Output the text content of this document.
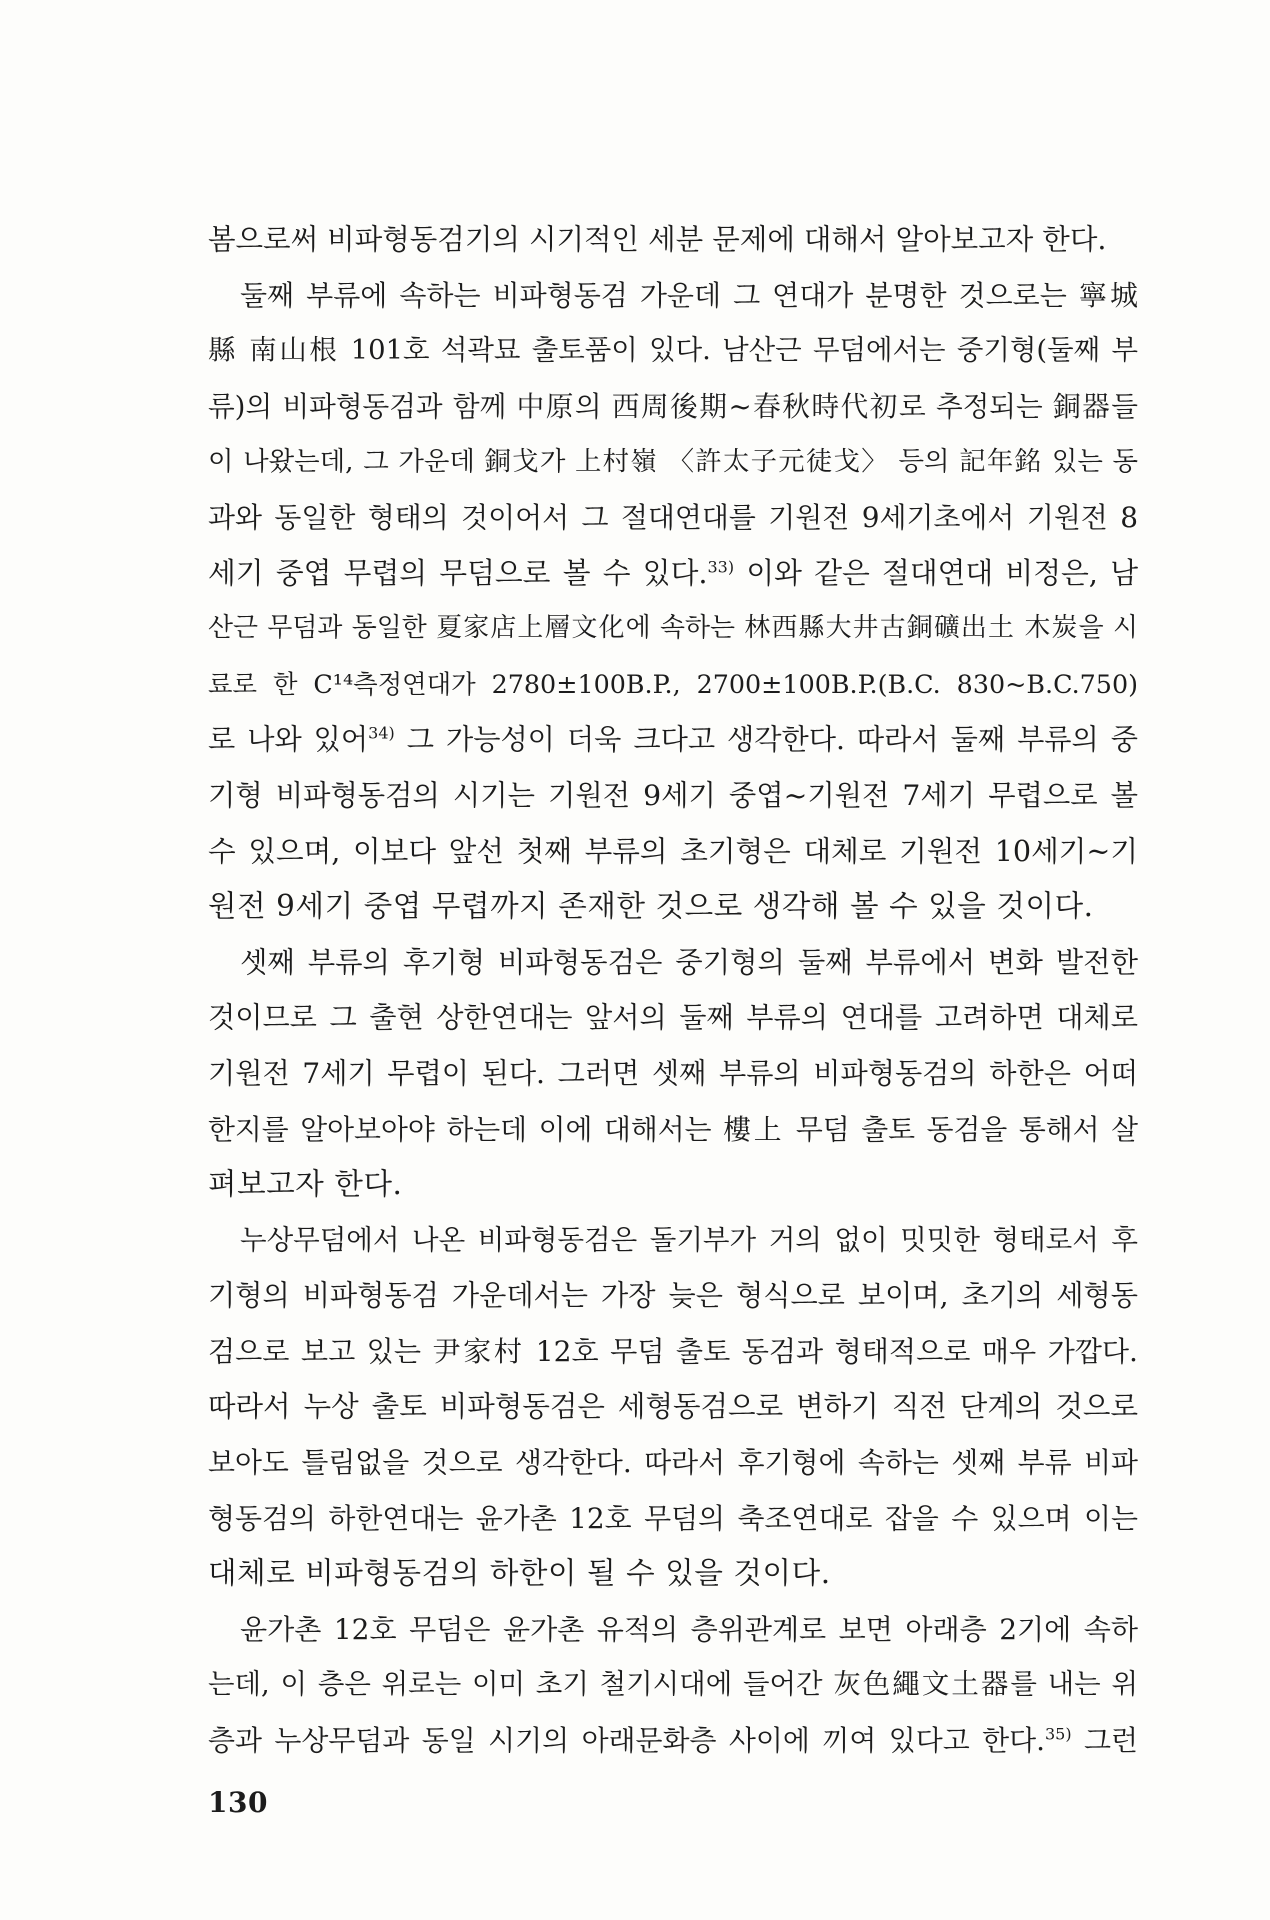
봄으로써 비파형동검기의 시기적인 세분 문제에 대해서 알아보고자 한다.
둘째 부류에 속하는 비파형동검 가운데 그 연대가 분명한 것으로는 寧城
縣 南山根 101호 석곽묘 출토품이 있다. 남산근 무덤에서는 중기형(둘째 부
류)의 비파형동검과 함께 中原의 西周後期~春秋時代初로 추정되는 銅器들
이 나왔는데, 그 가운데 銅戈가 上村嶺 〈許太子元徒戈〉 등의 記年銘 있는 동
과와 동일한 형태의 것이어서 그 절대연대를 기원전 9세기초에서 기원전 8
세기 중엽 무렵의 무덤으로 볼 수 있다.$^{33)}$ 이와 같은 절대연대 비정은, 남
산근 무덤과 동일한 夏家店上層文化에 속하는 林西縣大井古銅礦出土 木炭을 시
료로 한 C¹⁴측정연대가 2780±100B.P., 2700±100B.P.(B.C. 830~B.C.750)
로 나와 있어$^{34)}$ 그 가능성이 더욱 크다고 생각한다. 따라서 둘째 부류의 중
기형 비파형동검의 시기는 기원전 9세기 중엽~기원전 7세기 무렵으로 볼
수 있으며, 이보다 앞선 첫째 부류의 초기형은 대체로 기원전 10세기~기
원전 9세기 중엽 무렵까지 존재한 것으로 생각해 볼 수 있을 것이다.
셋째 부류의 후기형 비파형동검은 중기형의 둘째 부류에서 변화 발전한
것이므로 그 출현 상한연대는 앞서의 둘째 부류의 연대를 고려하면 대체로
기원전 7세기 무렵이 된다. 그러면 셋째 부류의 비파형동검의 하한은 어떠
한지를 알아보아야 하는데 이에 대해서는 樓上 무덤 출토 동검을 통해서 살
펴보고자 한다.
누상무덤에서 나온 비파형동검은 돌기부가 거의 없이 밋밋한 형태로서 후
기형의 비파형동검 가운데서는 가장 늦은 형식으로 보이며, 초기의 세형동
검으로 보고 있는 尹家村 12호 무덤 출토 동검과 형태적으로 매우 가깝다.
따라서 누상 출토 비파형동검은 세형동검으로 변하기 직전 단계의 것으로
보아도 틀림없을 것으로 생각한다. 따라서 후기형에 속하는 셋째 부류 비파
형동검의 하한연대는 윤가촌 12호 무덤의 축조연대로 잡을 수 있으며 이는
대체로 비파형동검의 하한이 될 수 있을 것이다.
윤가촌 12호 무덤은 윤가촌 유적의 층위관계로 보면 아래층 2기에 속하
는데, 이 층은 위로는 이미 초기 철기시대에 들어간 灰色繩文土器를 내는 위
층과 누상무덤과 동일 시기의 아래문화층 사이에 끼여 있다고 한다.$^{35)}$ 그런
130
